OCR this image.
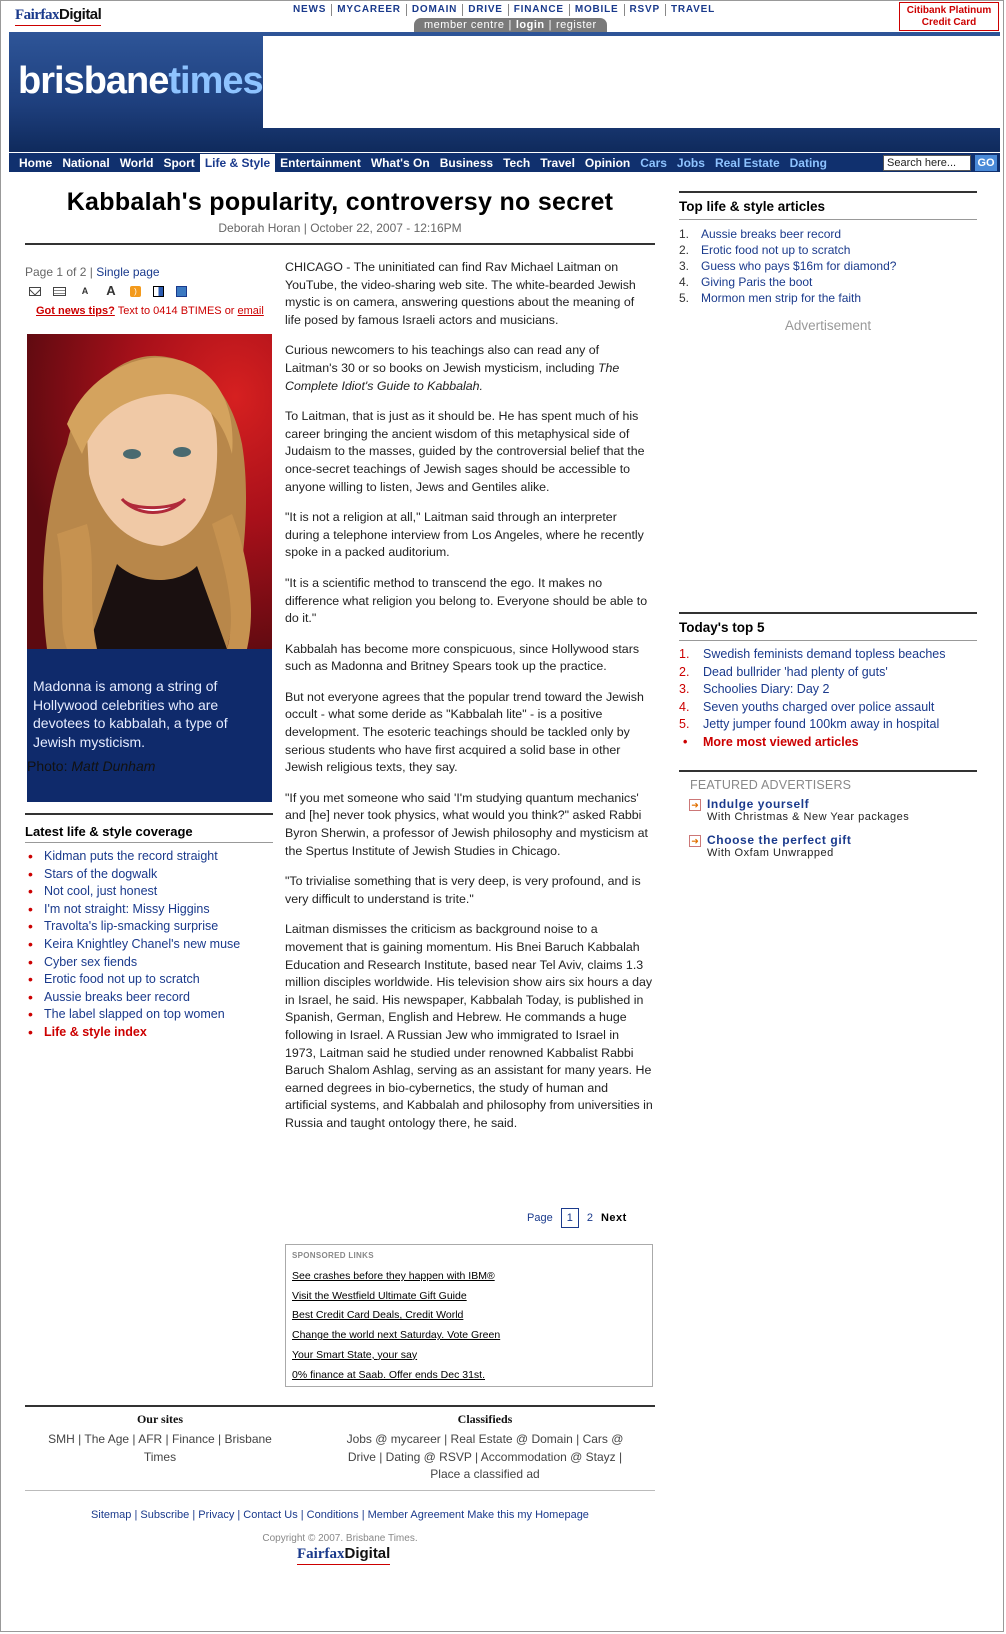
FairfaxDigital	NEWS	MYCAREER	DOMAIN	DRIVE	FINANCE	MOBILE	RSVP	TRAVEL
member centre | login | register
Citibank Platinum
Credit Card
brisbanetimes
Home National World Sport Life & Style Entertainment What's On Business Tech Travel Opinion Cars Jobs Real Estate Dating	Search here...	GO
Kabbalah's popularity, controversy no secret
Deborah Horan | October 22, 2007 - 12:16PM
Page 1 of 2 | Single page
A A	)
Got news tips? Text to 0414 BTIMES or email

Madonna is among a string of Hollywood celebrities who are devotees to kabbalah, a type of Jewish mysticism.

Photo: Matt Dunham

Latest life & style coverage
• Kidman puts the record straight
• Stars of the dogwalk
• Not cool, just honest
• I'm not straight: Missy Higgins
• Travolta's lip-smacking surprise
• Keira Knightley Chanel's new muse
• Cyber sex fiends
• Erotic food not up to scratch
• Aussie breaks beer record
• The label slapped on top women
• Life & style index

CHICAGO - The uninitiated can find Rav Michael Laitman on YouTube, the video-sharing web site. The white-bearded Jewish mystic is on camera, answering questions about the meaning of life posed by famous Israeli actors and musicians.

Curious newcomers to his teachings also can read any of Laitman's 30 or so books on Jewish mysticism, including The Complete Idiot's Guide to Kabbalah.

To Laitman, that is just as it should be. He has spent much of his career bringing the ancient wisdom of this metaphysical side of Judaism to the masses, guided by the controversial belief that the once-secret teachings of Jewish sages should be accessible to anyone willing to listen, Jews and Gentiles alike.

"It is not a religion at all," Laitman said through an interpreter during a telephone interview from Los Angeles, where he recently spoke in a packed auditorium.

"It is a scientific method to transcend the ego. It makes no difference what religion you belong to. Everyone should be able to do it."

Kabbalah has become more conspicuous, since Hollywood stars such as Madonna and Britney Spears took up the practice.

But not everyone agrees that the popular trend toward the Jewish occult - what some deride as "Kabbalah lite" - is a positive development. The esoteric teachings should be tackled only by serious students who have first acquired a solid base in other Jewish religious texts, they say.

"If you met someone who said 'I'm studying quantum mechanics' and [he] never took physics, what would you think?" asked Rabbi Byron Sherwin, a professor of Jewish philosophy and mysticism at the Spertus Institute of Jewish Studies in Chicago.

"To trivialise something that is very deep, is very profound, and is very difficult to understand is trite."

Laitman dismisses the criticism as background noise to a movement that is gaining momentum. His Bnei Baruch Kabbalah Education and Research Institute, based near Tel Aviv, claims 1.3 million disciples worldwide. His television show airs six hours a day in Israel, he said. His newspaper, Kabbalah Today, is published in Spanish, German, English and Hebrew. He commands a huge following in Israel. A Russian Jew who immigrated to Israel in 1973, Laitman said he studied under renowned Kabbalist Rabbi Baruch Shalom Ashlag, serving as an assistant for many years. He earned degrees in bio-cybernetics, the study of human and artificial systems, and Kabbalah and philosophy from universities in Russia and taught ontology there, he said.

Page	1	2 Next
SPONSORED LINKS
See crashes before they happen with IBM®
Visit the Westfield Ultimate Gift Guide
Best Credit Card Deals, Credit World
Change the world next Saturday. Vote Green
Your Smart State, your say
0% finance at Saab. Offer ends Dec 31st.
Top life & style articles
1. Aussie breaks beer record
2. Erotic food not up to scratch
3. Guess who pays $16m for diamond?
4. Giving Paris the boot
5. Mormon men strip for the faith
Advertisement
Today's top 5
1.	Swedish feminists demand topless beaches
2.	Dead bullrider 'had plenty of guts'
3.	Schoolies Diary: Day 2
4.	Seven youths charged over police assault
5.	Jetty jumper found 100km away in hospital
•	More most viewed articles
FEATURED ADVERTISERS
➜ Indulge yourself
With Christmas & New Year packages
➜ Choose the perfect gift
With Oxfam Unwrapped
Our sites
SMH | The Age | AFR | Finance | Brisbane Times
Classifieds
Jobs @ mycareer | Real Estate @ Domain | Cars @
Drive | Dating @ RSVP | Accommodation @ Stayz |
Place a classified ad
Sitemap | Subscribe | Privacy | Contact Us | Conditions | Member Agreement Make this my Homepage
Copyright © 2007. Brisbane Times.
FairfaxDigital
